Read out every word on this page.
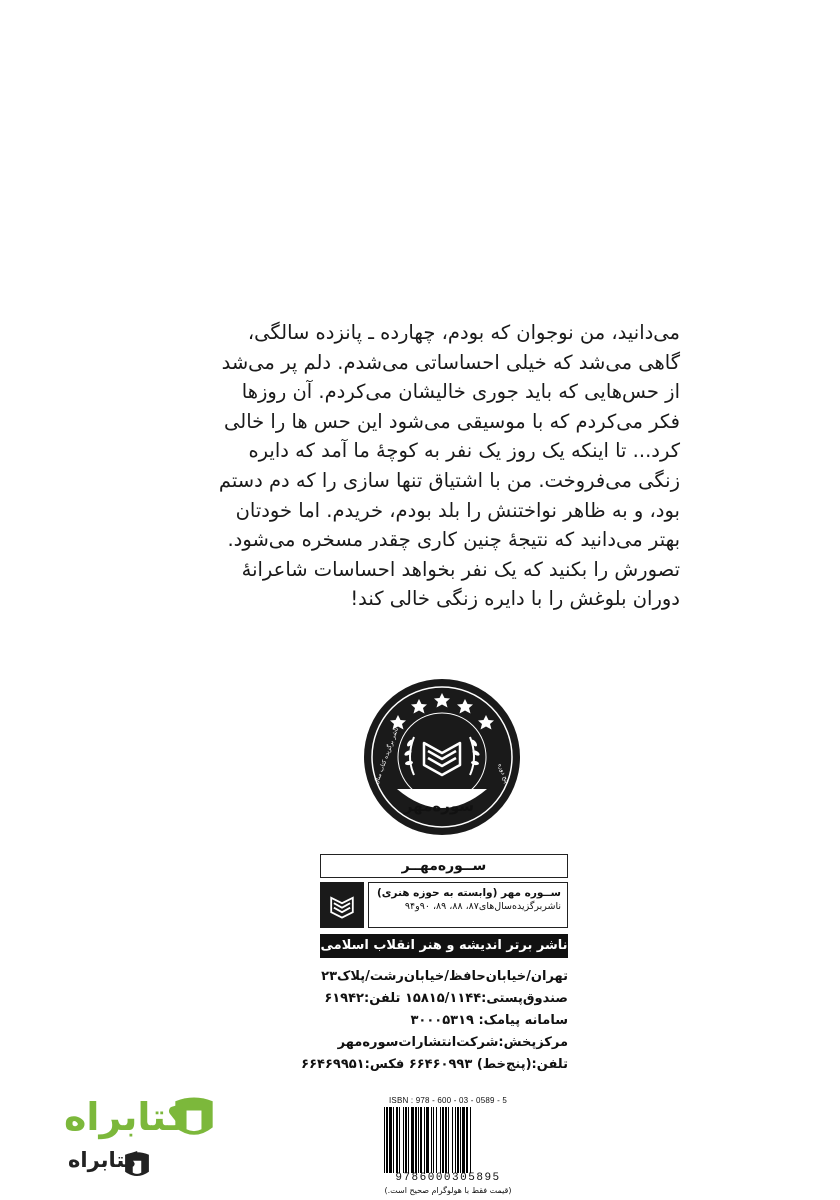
می‌دانید، من نوجوان که بودم، چهارده ـ پانزده سالگی،

گاهی می‌شد که خیلی احساساتی می‌شدم. دلم پر می‌شد

از حس‌هایی که باید جوری خالیشان می‌کردم. آن روزها

فکر می‌کردم که با موسیقی می‌شود این حس ها را خالی

کرد... تا اینکه یک روز یک نفر به کوچهٔ ما آمد که دایره

زنگی می‌فروخت. من با اشتیاق تنها سازی را که دم دستم

بود، و به ظاهر نواختنش را بلد بودم، خریدم. اما خودتان

بهتر می‌دانید که نتیجهٔ چنین کاری چقدر مسخره می‌شود.

تصورش را بکنید که یک نفر بخواهد احساسات شاعرانهٔ

دوران بلوغش را با دایره زنگی خالی کند!

سوره‌مهر
ناشر برگزیده کتاب سال	پنج دوره
ســوره‌مهــر
ســوره مهر (وابسته به حوزه هنری)
ناشربرگزیده‌سال‌های۸۷، ۸۸، ۸۹، ۹۰و۹۴
ناشر برتر اندیشه و هنر انقلاب اسلامی
تهران/خیابان‌حافظ/خیابان‌رشت/پلاک۲۳
صندوق‌پستی:۱۵۸۱۵/۱۱۴۴ تلفن:۶۱۹۴۲
سامانه پیامک: ۳۰۰۰۵۳۱۹
مرکز‌پخش:شرکت‌انتشارات‌سوره‌مهر
تلفن:(پنج‌خط) ۶۶۴۶۰۹۹۳ فکس:۶۶۴۶۹۹۵۱
ISBN : 978 - 600 - 03 - 0589 - 5
9786000305895
(قیمت فقط با هولوگرام صحیح است.)
کتابراه
کتابراه
